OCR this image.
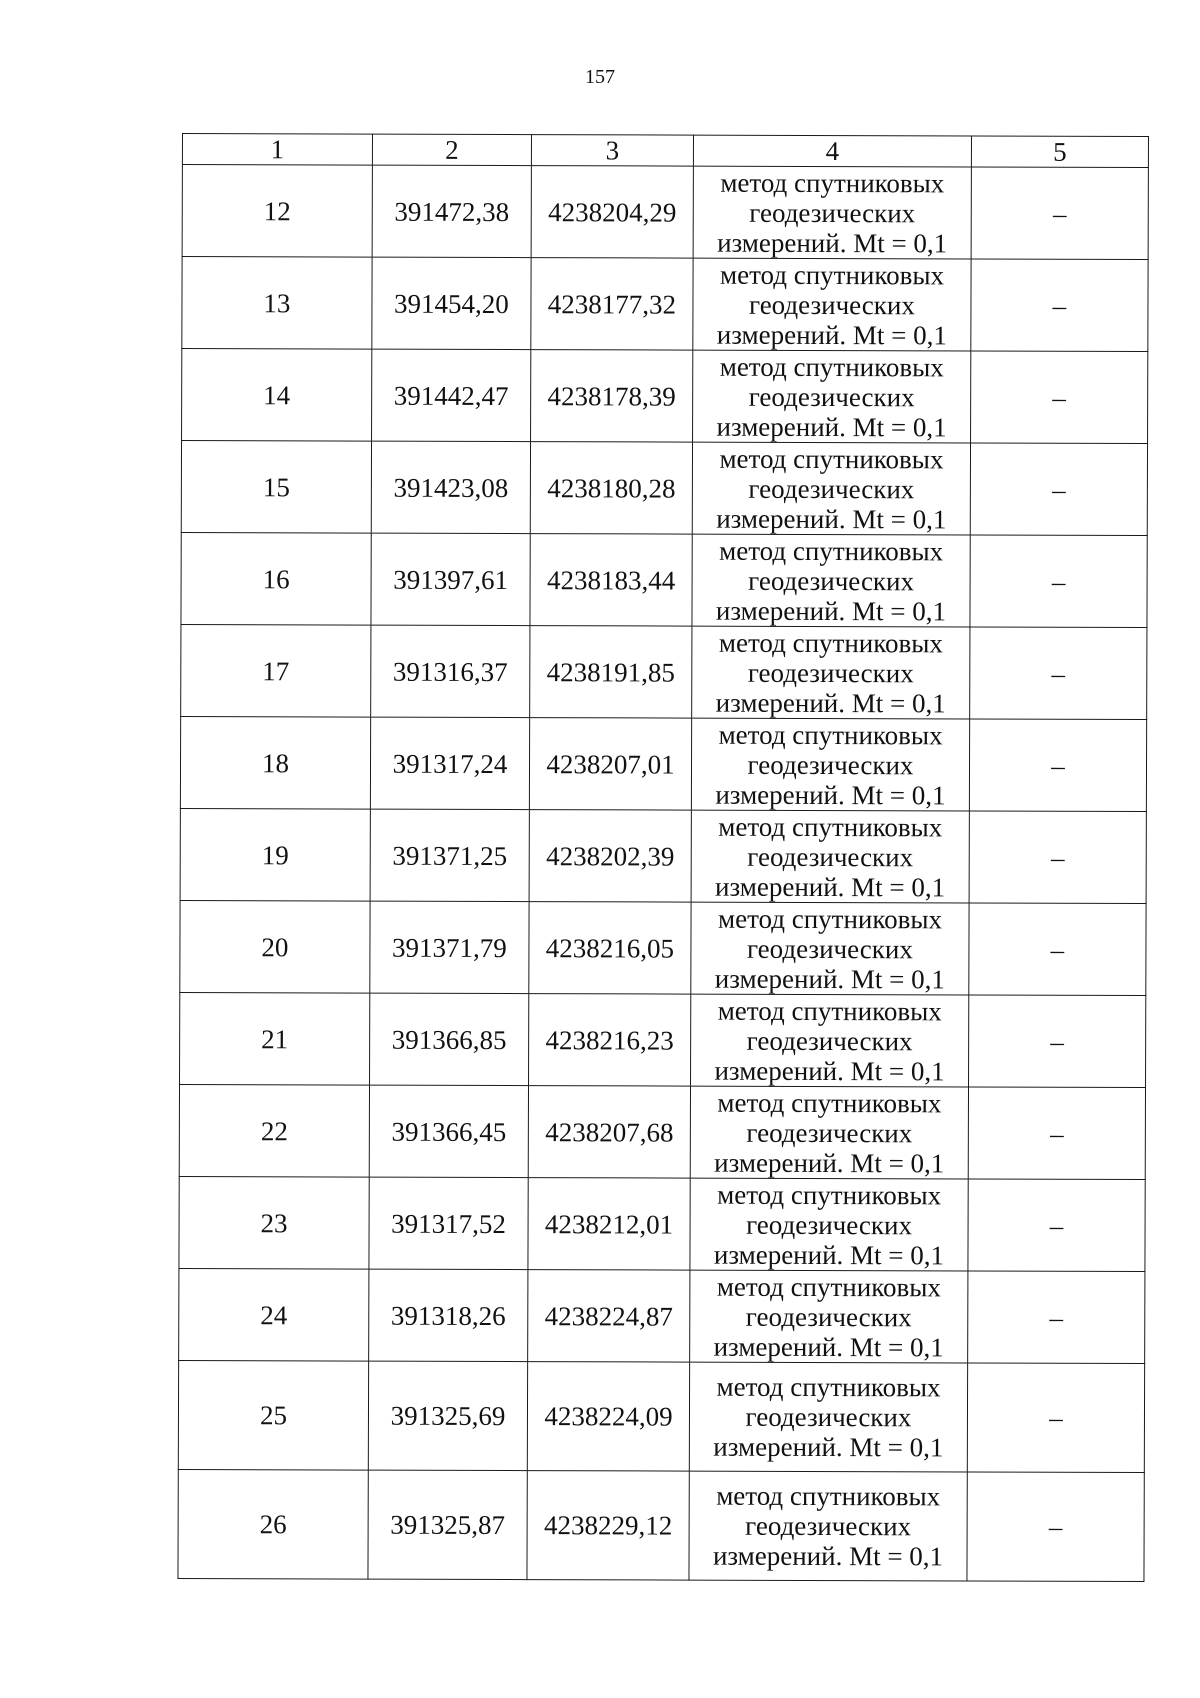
157
1	2	3	4	5
12	391472,38	4238204,29	метод спутниковых
геодезических
измерений. Mt = 0,1	–
13	391454,20	4238177,32	метод спутниковых
геодезических
измерений. Mt = 0,1	–
14	391442,47	4238178,39	метод спутниковых
геодезических
измерений. Mt = 0,1	–
15	391423,08	4238180,28	метод спутниковых
геодезических
измерений. Mt = 0,1	–
16	391397,61	4238183,44	метод спутниковых
геодезических
измерений. Mt = 0,1	–
17	391316,37	4238191,85	метод спутниковых
геодезических
измерений. Mt = 0,1	–
18	391317,24	4238207,01	метод спутниковых
геодезических
измерений. Mt = 0,1	–
19	391371,25	4238202,39	метод спутниковых
геодезических
измерений. Mt = 0,1	–
20	391371,79	4238216,05	метод спутниковых
геодезических
измерений. Mt = 0,1	–
21	391366,85	4238216,23	метод спутниковых
геодезических
измерений. Mt = 0,1	–
22	391366,45	4238207,68	метод спутниковых
геодезических
измерений. Mt = 0,1	–
23	391317,52	4238212,01	метод спутниковых
геодезических
измерений. Mt = 0,1	–
24	391318,26	4238224,87	метод спутниковых
геодезических
измерений. Mt = 0,1	–
25	391325,69	4238224,09	метод спутниковых
геодезических
измерений. Mt = 0,1	–
26	391325,87	4238229,12	метод спутниковых
геодезических
измерений. Mt = 0,1	–
